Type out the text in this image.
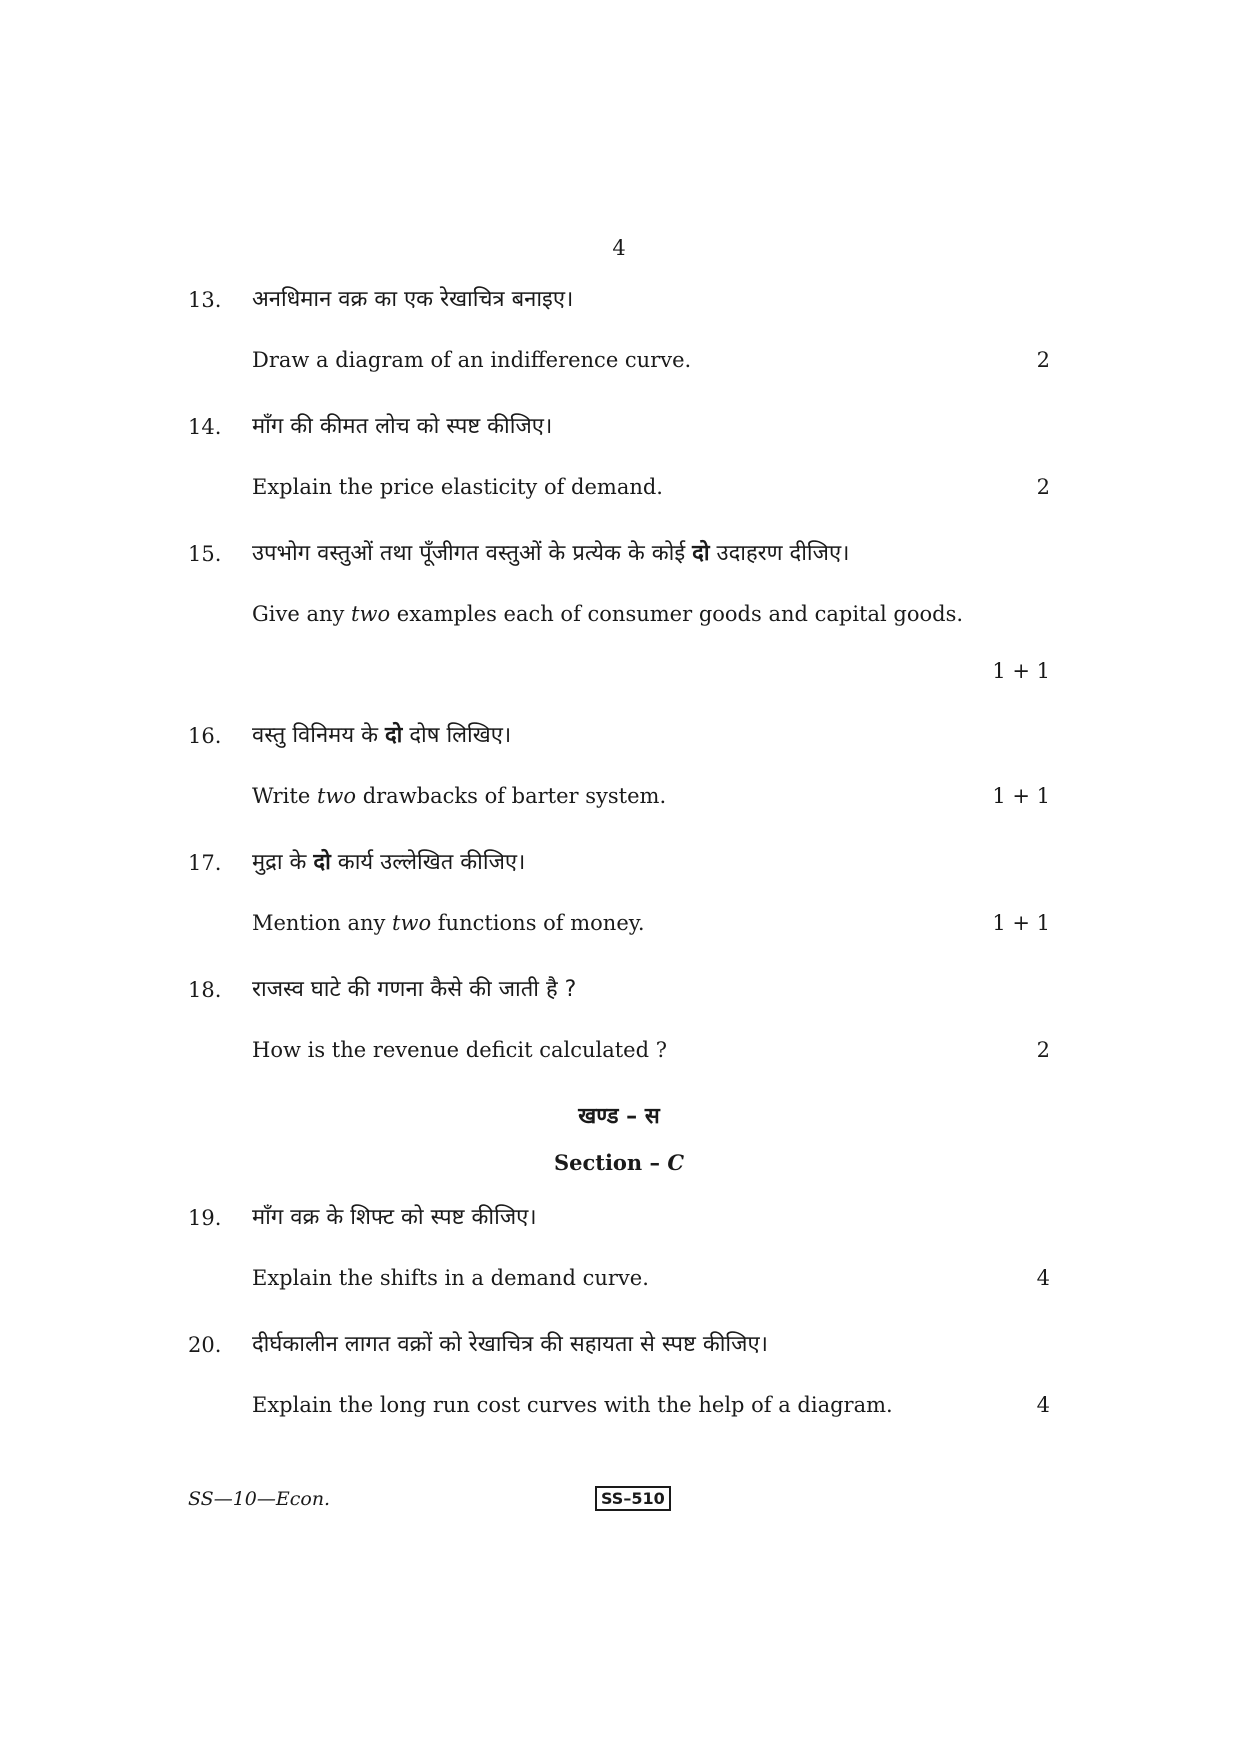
4
13. अनधिमान वक्र का एक रेखाचित्र बनाइए।
Draw a diagram of an indifference curve.	2
14. माँग की कीमत लोच को स्पष्ट कीजिए।
Explain the price elasticity of demand.	2
15. उपभोग वस्तुओं तथा पूँजीगत वस्तुओं के प्रत्येक के कोई दो उदाहरण दीजिए।
Give any two examples each of consumer goods and capital goods.
1 + 1
16. वस्तु विनिमय के दो दोष लिखिए।
Write two drawbacks of barter system.	1 + 1
17. मुद्रा के दो कार्य उल्लेखित कीजिए।
Mention any two functions of money.	1 + 1
18. राजस्व घाटे की गणना कैसे की जाती है ?
How is the revenue deficit calculated ?	2
खण्ड – स
Section – C
19. माँग वक्र के शिफ्ट को स्पष्ट कीजिए।
Explain the shifts in a demand curve.	4
20. दीर्घकालीन लागत वक्रों को रेखाचित्र की सहायता से स्पष्ट कीजिए।
Explain the long run cost curves with the help of a diagram.	4
SS—10—Econ.	SS–510
